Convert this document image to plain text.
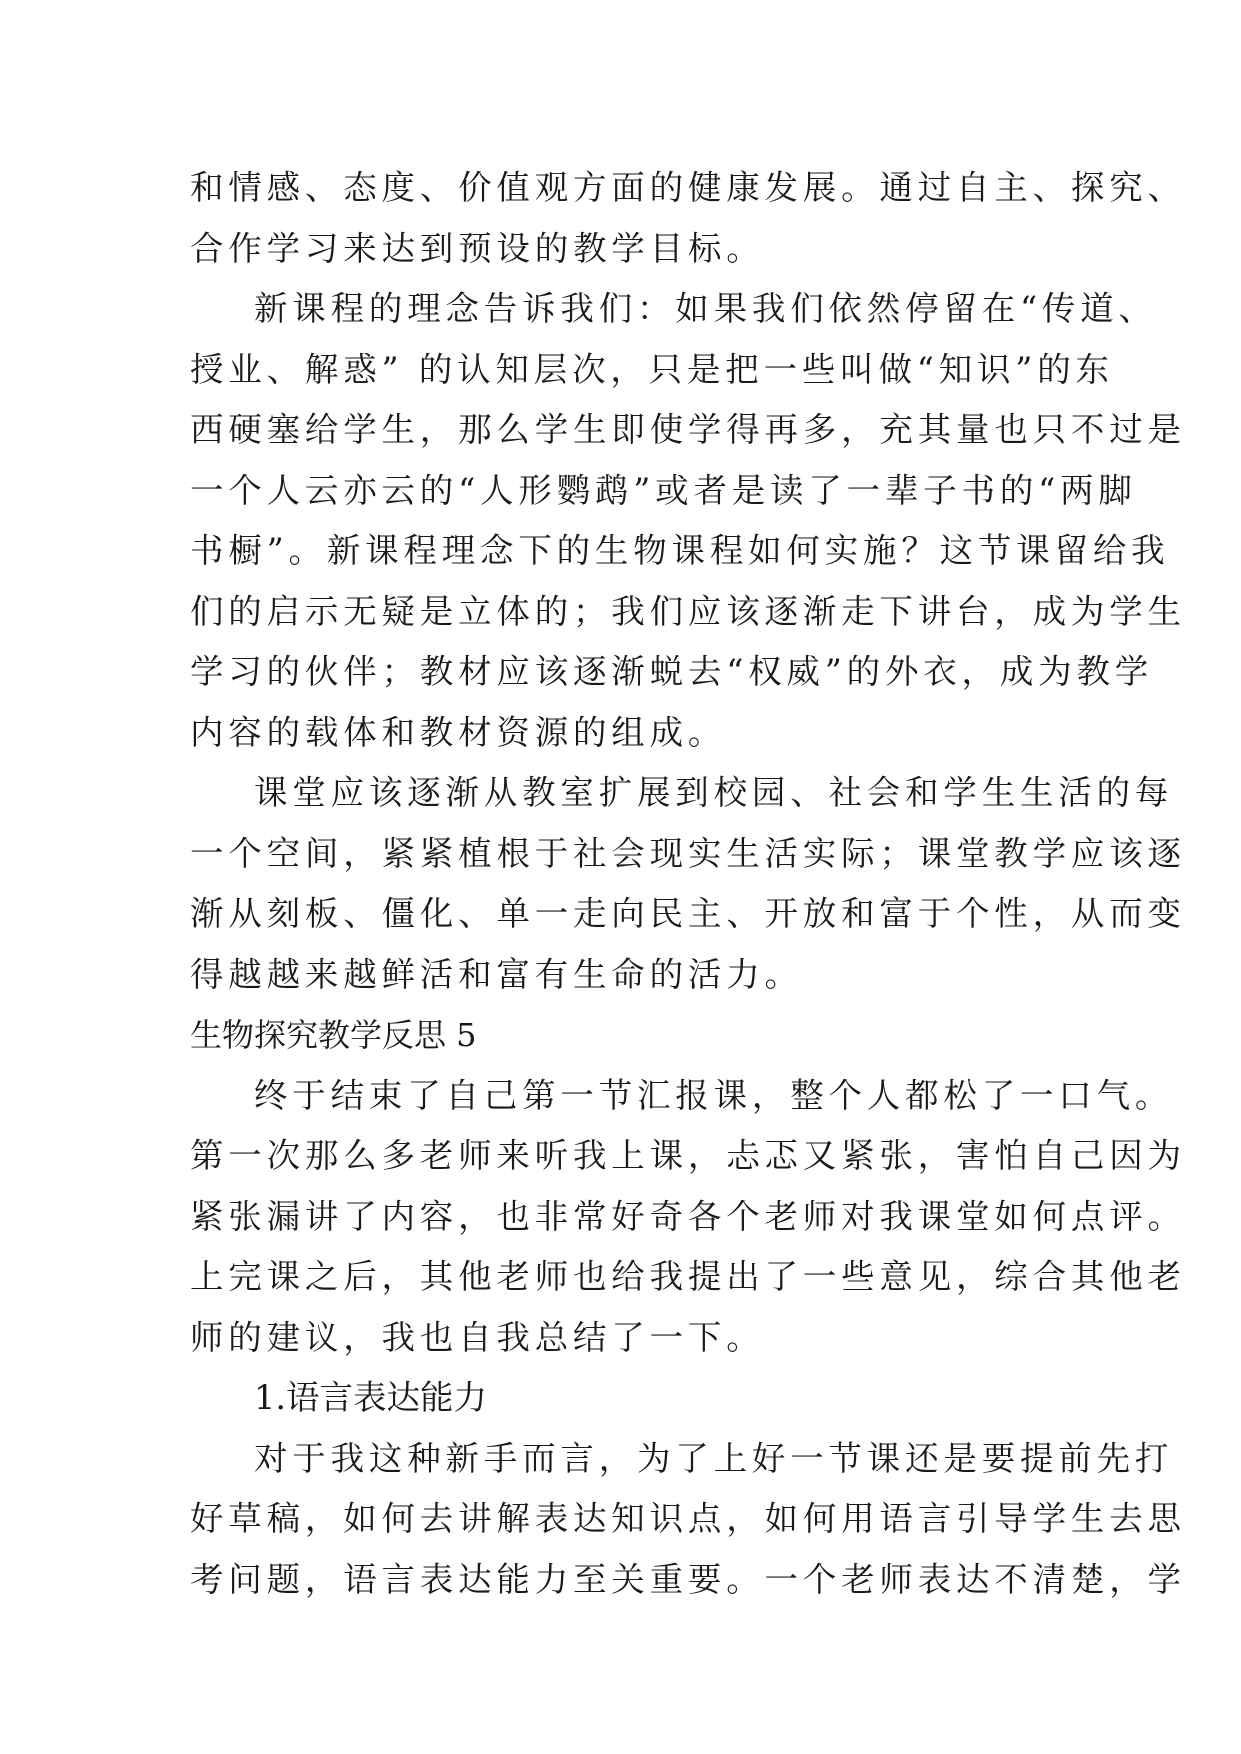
和情感、态度、价值观方面的健康发展。通过自主、探究、
合作学习来达到预设的教学目标。
新课程的理念告诉我们：如果我们依然停留在“传道、
授业、解惑” 的认知层次，只是把一些叫做“知识”的东
西硬塞给学生，那么学生即使学得再多，充其量也只不过是
一个人云亦云的“人形鹦鹉”或者是读了一辈子书的“两脚
书橱”。新课程理念下的生物课程如何实施？这节课留给我
们的启示无疑是立体的；我们应该逐渐走下讲台，成为学生
学习的伙伴；教材应该逐渐蜕去“权威”的外衣，成为教学
内容的载体和教材资源的组成。
课堂应该逐渐从教室扩展到校园、社会和学生生活的每
一个空间，紧紧植根于社会现实生活实际；课堂教学应该逐
渐从刻板、僵化、单一走向民主、开放和富于个性，从而变
得越越来越鲜活和富有生命的活力。
生物探究教学反思 5
终于结束了自己第一节汇报课，整个人都松了一口气。
第一次那么多老师来听我上课，忐忑又紧张，害怕自己因为
紧张漏讲了内容，也非常好奇各个老师对我课堂如何点评。
上完课之后，其他老师也给我提出了一些意见，综合其他老
师的建议，我也自我总结了一下。
1.语言表达能力
对于我这种新手而言，为了上好一节课还是要提前先打
好草稿，如何去讲解表达知识点，如何用语言引导学生去思
考问题，语言表达能力至关重要。一个老师表达不清楚，学
